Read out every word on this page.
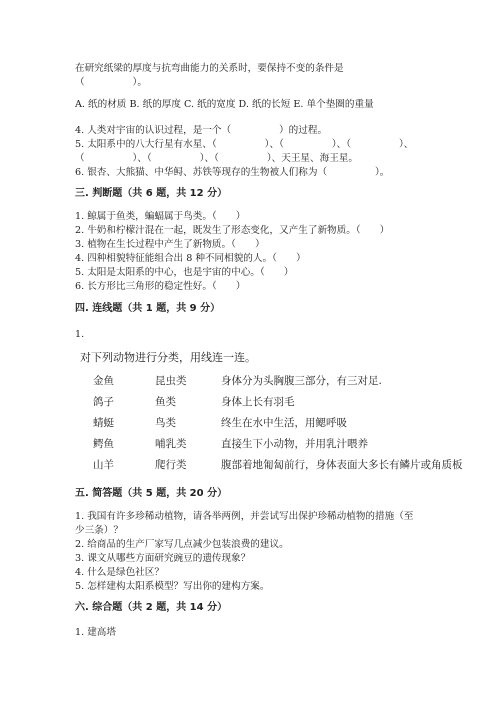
在研究纸梁的厚度与抗弯曲能力的关系时，要保持不变的条件是
（　　　　　）。
A. 纸的材质 B. 纸的厚度 C. 纸的宽度 D. 纸的长短 E. 单个垫圈的重量
4. 人类对宇宙的认识过程，是一个（　　　　　）的过程。
5. 太阳系中的八大行星有水星、（　　　　　）、（　　　　　）、（　　　　　）、
（　　　　　）、（　　　　　）、（　　　　　）、天王星、海王星。
6. 银杏、大熊猫、中华鲟、苏铁等现存的生物被人们称为（　　　　　）。
三. 判断题（共 6 题，共 12 分）
1. 鲸属于鱼类，蝙蝠属于鸟类。（　　）
2. 牛奶和柠檬汁混在一起，既发生了形态变化，又产生了新物质。（　　）
3. 植物在生长过程中产生了新物质。（　　）
4. 四种相貌特征能组合出 8 种不同相貌的人。（　　）
5. 太阳是太阳系的中心，也是宇宙的中心。（　　）
6. 长方形比三角形的稳定性好。（　　）
四. 连线题（共 1 题，共 9 分）
1.
对下列动物进行分类，用线连一连。
金鱼	昆虫类	身体分为头胸腹三部分，有三对足.
鸽子	鱼类	身体上长有羽毛
蜻蜓	鸟类	终生在水中生活，用鳃呼吸
鳄鱼	哺乳类	直接生下小动物，并用乳汁喂养
山羊	爬行类	腹部着地匍匐前行，身体表面大多长有鳞片或角质板
五. 简答题（共 5 题，共 20 分）
1. 我国有许多珍稀动植物，请各举两例，并尝试写出保护珍稀动植物的措施（至
少三条）？
2. 给商品的生产厂家写几点减少包装浪费的建议。
3. 课文从哪些方面研究豌豆的遗传现象？
4. 什么是绿色社区？
5. 怎样建构太阳系模型？写出你的建构方案。
六. 综合题（共 2 题，共 14 分）
1. 建高塔
